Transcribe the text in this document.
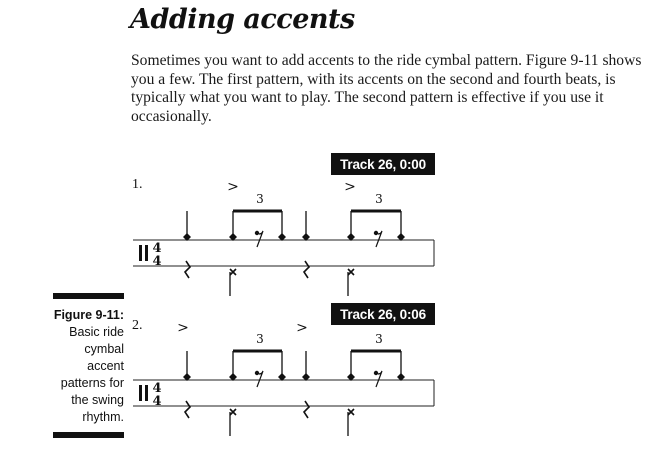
Adding accents

Sometimes you want to add accents to the ride cymbal pattern. Figure 9-11 shows you a few. The first pattern, with its accents on the second and fourth beats, is typically what you want to play. The second pattern is effective if you use it occasionally.

Track 26, 0:00
Track 26, 0:06
1.
2.
4
4
>	>
3	3
4
4
>	>
3	3
Figure 9-11:
Basic ride cymbal accent patterns for the swing rhythm.
